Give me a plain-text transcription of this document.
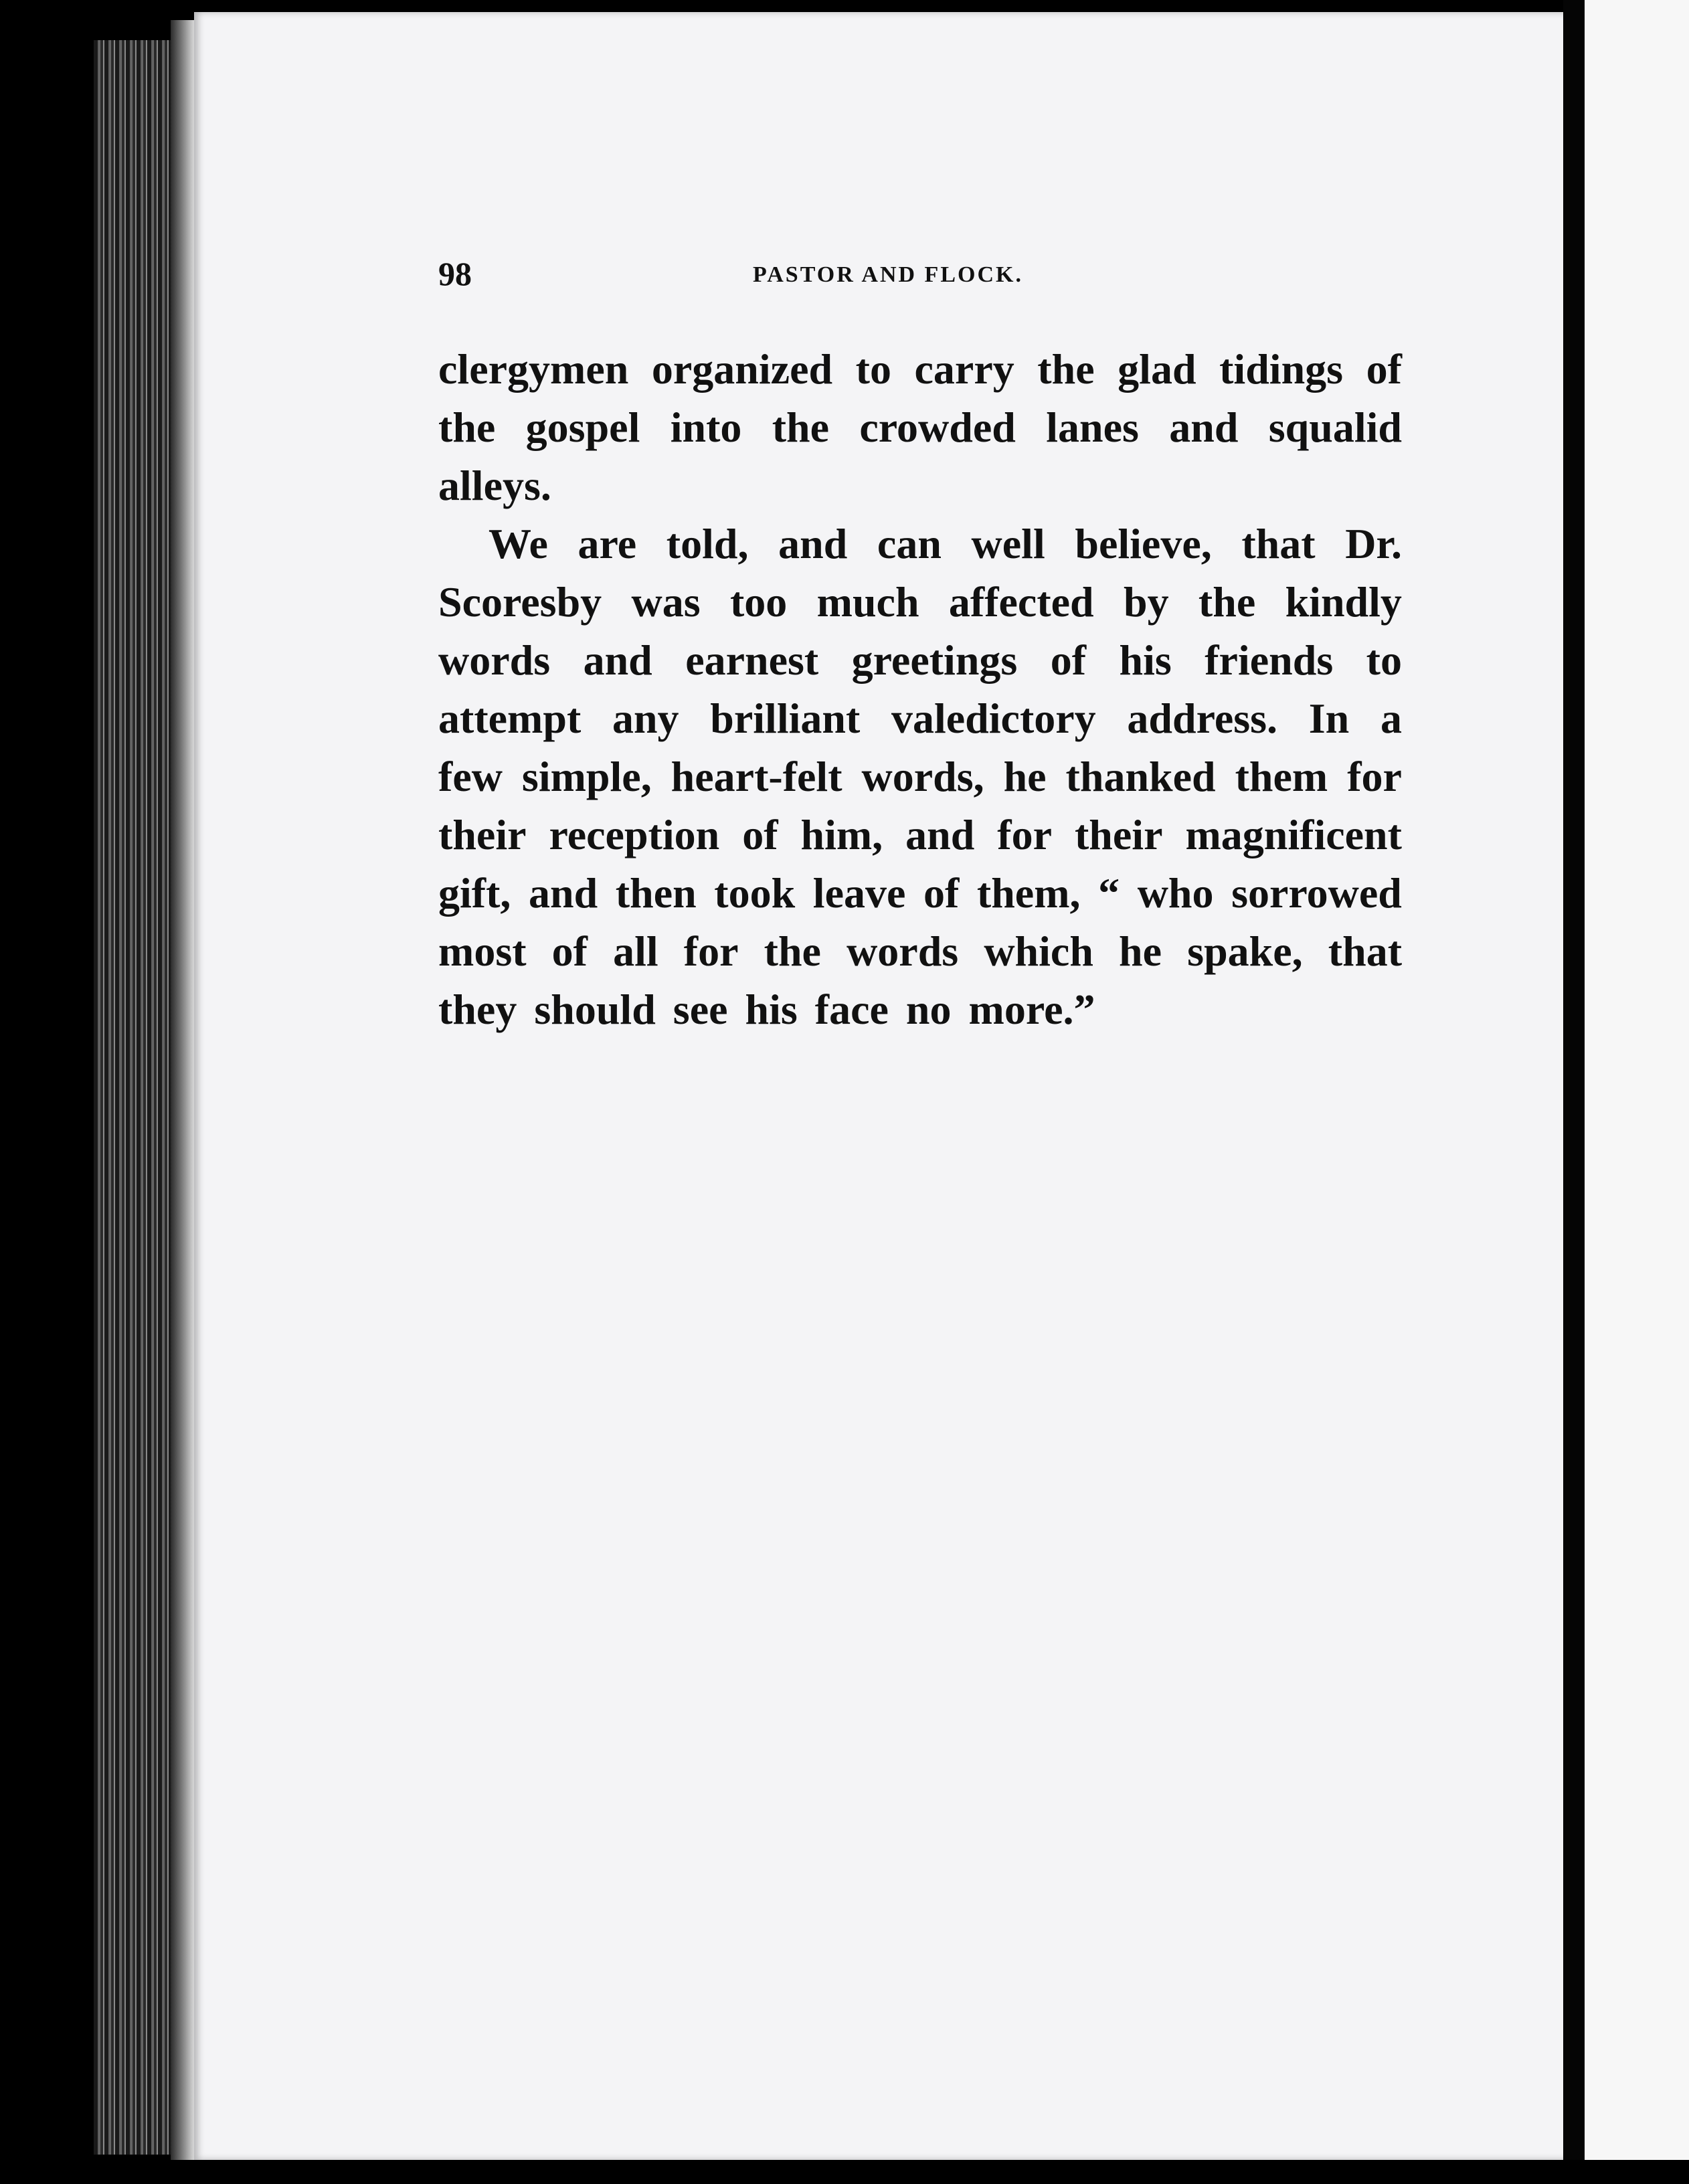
98	PASTOR AND FLOCK.
clergymen organized to carry the glad tidings of
the gospel into the crowded lanes and squalid
alleys.
We are told, and can well believe, that Dr.
Scoresby was too much affected by the kindly
words and earnest greetings of his friends to
attempt any brilliant valedictory address. In a
few simple, heart-felt words, he thanked them for
their reception of him, and for their magnificent
gift, and then took leave of them, “ who sorrowed
most of all for the words which he spake, that
they should see his face no more.”
